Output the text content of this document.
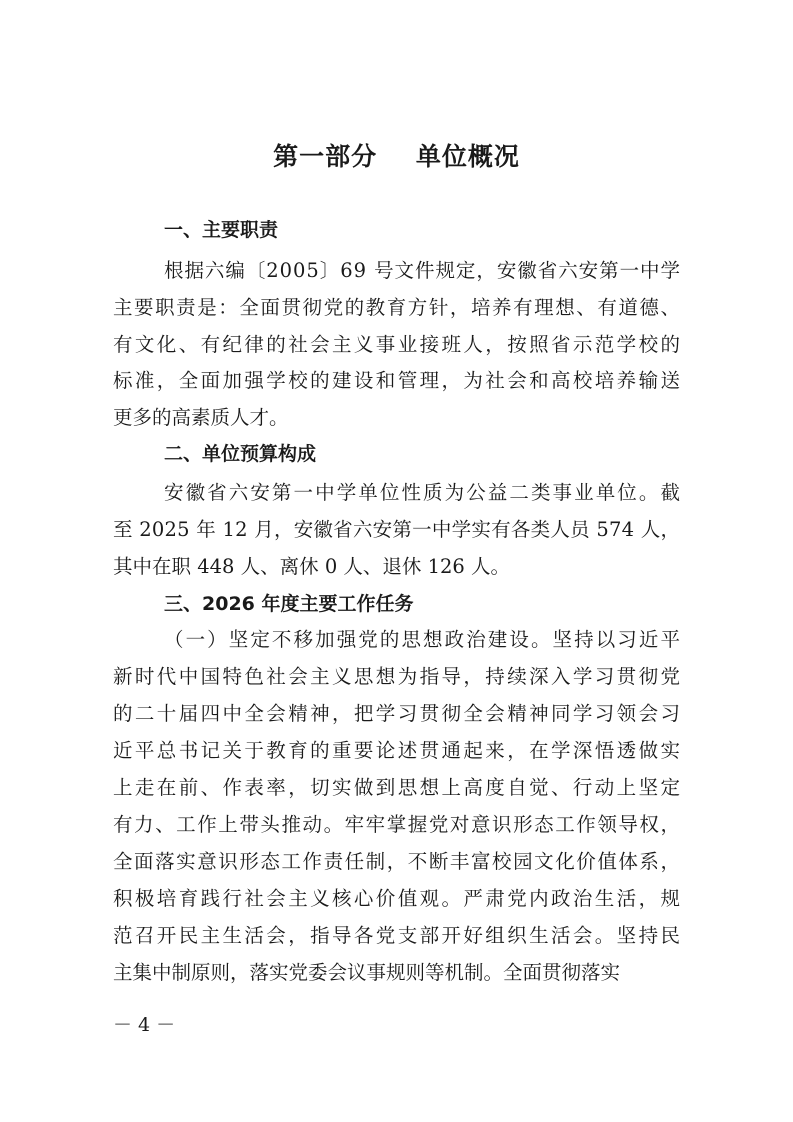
第一部分    单位概况
一、主要职责
根据六编〔2005〕69 号文件规定，安徽省六安第一中学
主要职责是：全面贯彻党的教育方针，培养有理想、有道德、
有文化、有纪律的社会主义事业接班人，按照省示范学校的
标准，全面加强学校的建设和管理，为社会和高校培养输送
更多的高素质人才。
二、单位预算构成
安徽省六安第一中学单位性质为公益二类事业单位。截
至 2025 年 12 月，安徽省六安第一中学实有各类人员 574 人，
其中在职 448 人、离休 0 人、退休 126 人。
三、2026 年度主要工作任务
（一）坚定不移加强党的思想政治建设。坚持以习近平
新时代中国特色社会主义思想为指导，持续深入学习贯彻党
的二十届四中全会精神，把学习贯彻全会精神同学习领会习
近平总书记关于教育的重要论述贯通起来，在学深悟透做实
上走在前、作表率，切实做到思想上高度自觉、行动上坚定
有力、工作上带头推动。牢牢掌握党对意识形态工作领导权，
全面落实意识形态工作责任制，不断丰富校园文化价值体系，
积极培育践行社会主义核心价值观。严肃党内政治生活，规
范召开民主生活会，指导各党支部开好组织生活会。坚持民
主集中制原则，落实党委会议事规则等机制。全面贯彻落实
－ 4 －
